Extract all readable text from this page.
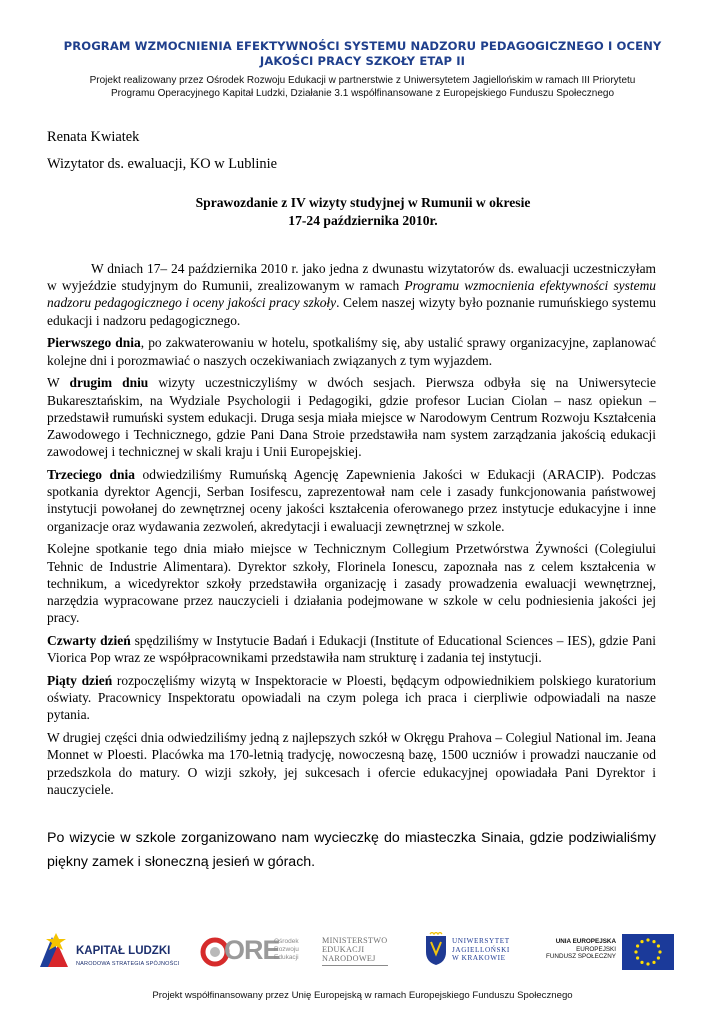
PROGRAM WZMOCNIENIA EFEKTYWNOŚCI SYSTEMU NADZORU PEDAGOGICZNEGO I OCENY
JAKOŚCI PRACY SZKOŁY ETAP II
Projekt realizowany przez Ośrodek Rozwoju Edukacji w partnerstwie z Uniwersytetem Jagiellońskim w ramach III Priorytetu
Programu Operacyjnego Kapitał Ludzki, Działanie 3.1 współfinansowane z Europejskiego Funduszu Społecznego
Renata Kwiatek
Wizytator ds. ewaluacji, KO w Lublinie
Sprawozdanie z IV wizyty studyjnej w Rumunii w okresie
17-24 października 2010r.

W dniach 17– 24 października 2010 r. jako jedna z dwunastu wizytatorów ds. ewaluacji uczestniczyłam w wyjeździe studyjnym do Rumunii, zrealizowanym w ramach Programu wzmocnienia efektywności systemu nadzoru pedagogicznego i oceny jakości pracy szkoły. Celem naszej wizyty było poznanie rumuńskiego systemu edukacji i nadzoru pedagogicznego.

Pierwszego dnia, po zakwaterowaniu w hotelu, spotkaliśmy się, aby ustalić sprawy organizacyjne, zaplanować kolejne dni i porozmawiać o naszych oczekiwaniach związanych z tym wyjazdem.

W drugim dniu wizyty uczestniczyliśmy w dwóch sesjach. Pierwsza odbyła się na Uniwersytecie Bukaresztańskim, na Wydziale Psychologii i Pedagogiki, gdzie profesor Lucian Ciolan – nasz opiekun – przedstawił rumuński system edukacji. Druga sesja miała miejsce w Narodowym Centrum Rozwoju Kształcenia Zawodowego i Technicznego, gdzie Pani Dana Stroie przedstawiła nam system zarządzania jakością edukacji zawodowej i technicznej w skali kraju i Unii Europejskiej.

Trzeciego dnia odwiedziliśmy Rumuńską Agencję Zapewnienia Jakości w Edukacji (ARACIP). Podczas spotkania dyrektor Agencji, Serban Iosifescu, zaprezentował nam cele i zasady funkcjonowania państwowej instytucji powołanej do zewnętrznej oceny jakości kształcenia oferowanego przez instytucje edukacyjne i inne organizacje oraz wydawania zezwoleń, akredytacji i ewaluacji zewnętrznej w szkole.

Kolejne spotkanie tego dnia miało miejsce w Technicznym Collegium Przetwórstwa Żywności (Colegiului Tehnic de Industrie Alimentara). Dyrektor szkoły, Florinela Ionescu, zapoznała nas z celem kształcenia w technikum, a wicedyrektor szkoły przedstawiła organizację i zasady prowadzenia ewaluacji wewnętrznej, narzędzia wypracowane przez nauczycieli i działania podejmowane w szkole w celu podniesienia jakości jej pracy.

Czwarty dzień spędziliśmy w Instytucie Badań i Edukacji (Institute of Educational Sciences – IES), gdzie Pani Viorica Pop wraz ze współpracownikami przedstawiła nam strukturę i zadania tej instytucji.

Piąty dzień rozpoczęliśmy wizytą w Inspektoracie w Ploesti, będącym odpowiednikiem polskiego kuratorium oświaty. Pracownicy Inspektoratu opowiadali na czym polega ich praca i cierpliwie odpowiadali na nasze pytania.

W drugiej części dnia odwiedziliśmy jedną z najlepszych szkół w Okręgu Prahova – Colegiul National im. Jeana Monnet w Ploesti. Placówka ma 170-letnią tradycję, nowoczesną bazę, 1500 uczniów i prowadzi nauczanie od przedszkola do matury. O wizji szkoły, jej sukcesach i ofercie edukacyjnej opowiadała Pani Dyrektor i nauczyciele.

Po wizycie w szkole zorganizowano nam wycieczkę do miasteczka Sinaia, gdzie podziwialiśmy piękny zamek i słoneczną jesień w górach.
KAPITAŁ LUDZKI
NARODOWA STRATEGIA SPÓJNOŚCI ORE
Ośrodek
Rozwoju
Edukacji
MINISTERSTWO
EDUKACJI
NARODOWEJ
UNIWERSYTET
JAGIELLOŃSKI
W KRAKOWIE
UNIA EUROPEJSKA
EUROPEJSKI
FUNDUSZ SPOŁECZNY
Projekt współfinansowany przez Unię Europejską w ramach Europejskiego Funduszu Społecznego
